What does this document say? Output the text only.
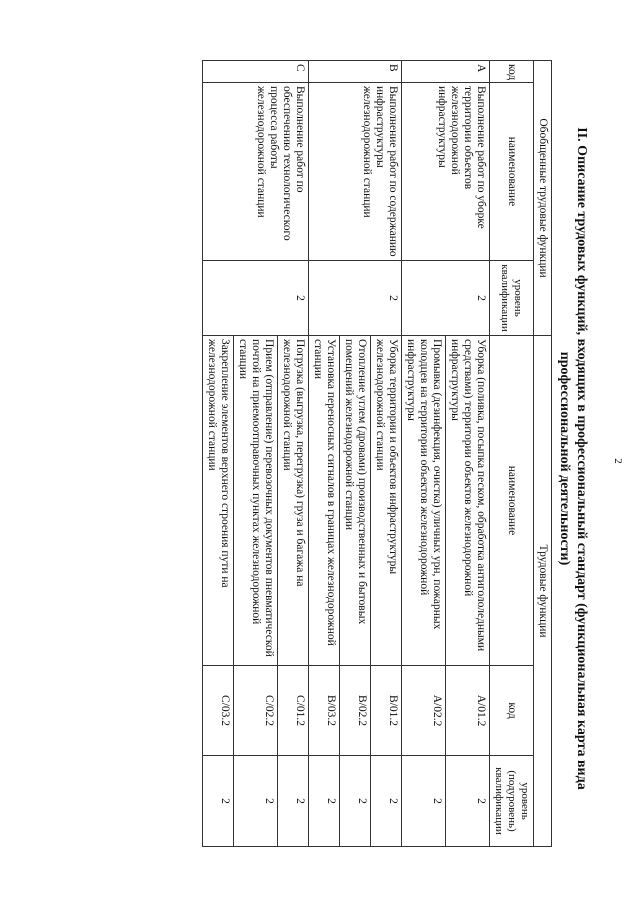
2
II. Описание трудовых функций, входящих в профессиональный стандарт (функциональная карта вида
профессиональной деятельности)
Обобщенные трудовые функции			Трудовые функции		
код	наименование	уровень квалификации	наименование	код	уровень (подуровень) квалификации
A	Выполнение работ по уборке территории объектов железнодорожной инфраструктуры	2	Уборка (поливка, посыпка песком, обработка антигололедными средствами) территории объектов железнодорожной инфраструктуры	A/01.2	2
			Промывка (дезинфекция, очистка) уличных урн, пожарных колодцев на территории объектов железнодорожной инфраструктуры	A/02.2	2
B	Выполнение работ по содержанию инфраструктуры железнодорожной станции	2	Уборка территории и объектов инфраструктуры железнодорожной станции	B/01.2	2
			Отопление углем (дровами) производственных и бытовых помещений железнодорожной станции	B/02.2	2
			Установка переносных сигналов в границах железнодорожной станции	B/03.2	2
C	Выполнение работ по обеспечению технологического процесса работы железнодорожной станции	2	Погрузка (выгрузка, перегрузка) груза и багажа на железнодорожной станции	C/01.2	2
			Прием (отправление) перевозочных документов пневматической почтой на приемоотправочных пунктах железнодорожной станции	C/02.2	2
			Закрепление элементов верхнего строения пути на железнодорожной станции	C/03.2	2
